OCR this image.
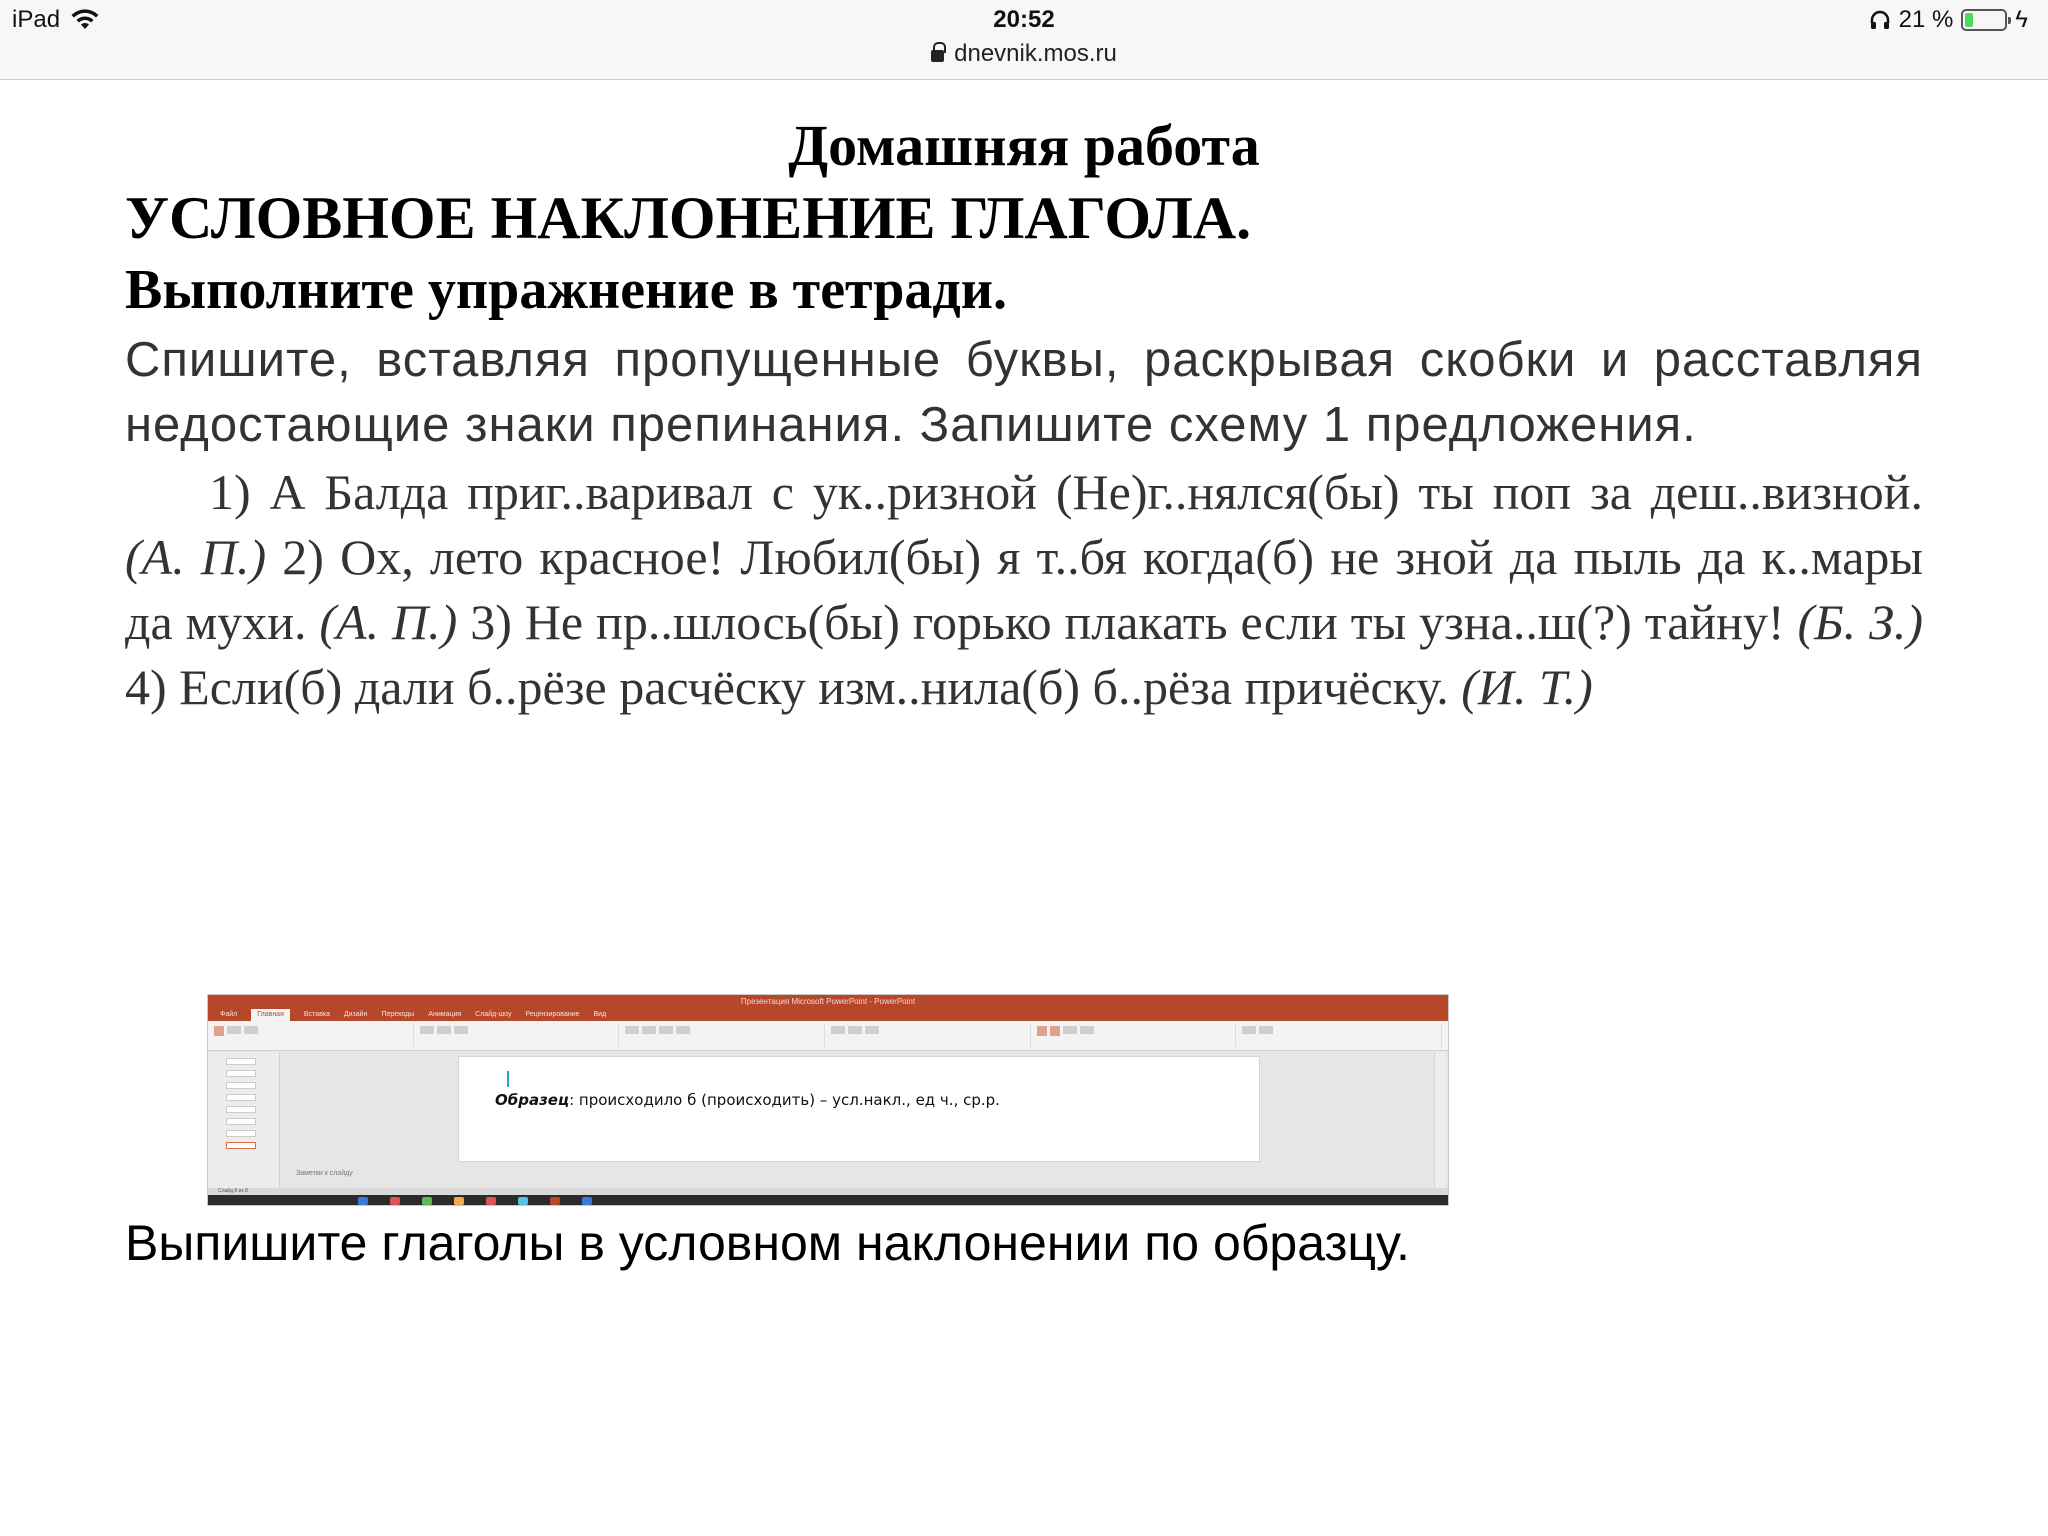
iPad	20:52
dnevnik.mos.ru
21 %	ϟ
Домашняя работа
УСЛОВНОЕ НАКЛОНЕНИЕ ГЛАГОЛА.
Выполните упражнение в тетради.
Спишите, вставляя пропущенные буквы, раскрывая скобки и расставляя недостающие знаки препинания. Запишите схему 1 предложения.
1) А Балда приг..варивал с ук..ризной (Не)г..нялся(бы) ты поп за деш..визной. (А. П.) 2) Ох, лето красное! Любил(бы) я т..бя когда(б) не зной да пыль да к..мары да мухи. (А. П.) 3) Не пр..шлось(бы) горько плакать если ты узна..ш(?) тайну! (Б. З.) 4) Если(б) дали б..рёзе расчёску изм..нила(б) б..рёза причёску. (И. Т.)
Презентация Microsoft PowerPoint - PowerPoint
Файл	Главная	Вставка Дизайн Переходы Анимация Слайд-шоу Рецензирование Вид
Образец: происходило б (происходить) – усл.накл., ед ч., ср.р.
Заметки к слайду
Слайд 8 из 8
Выпишите глаголы в условном наклонении по образцу.
